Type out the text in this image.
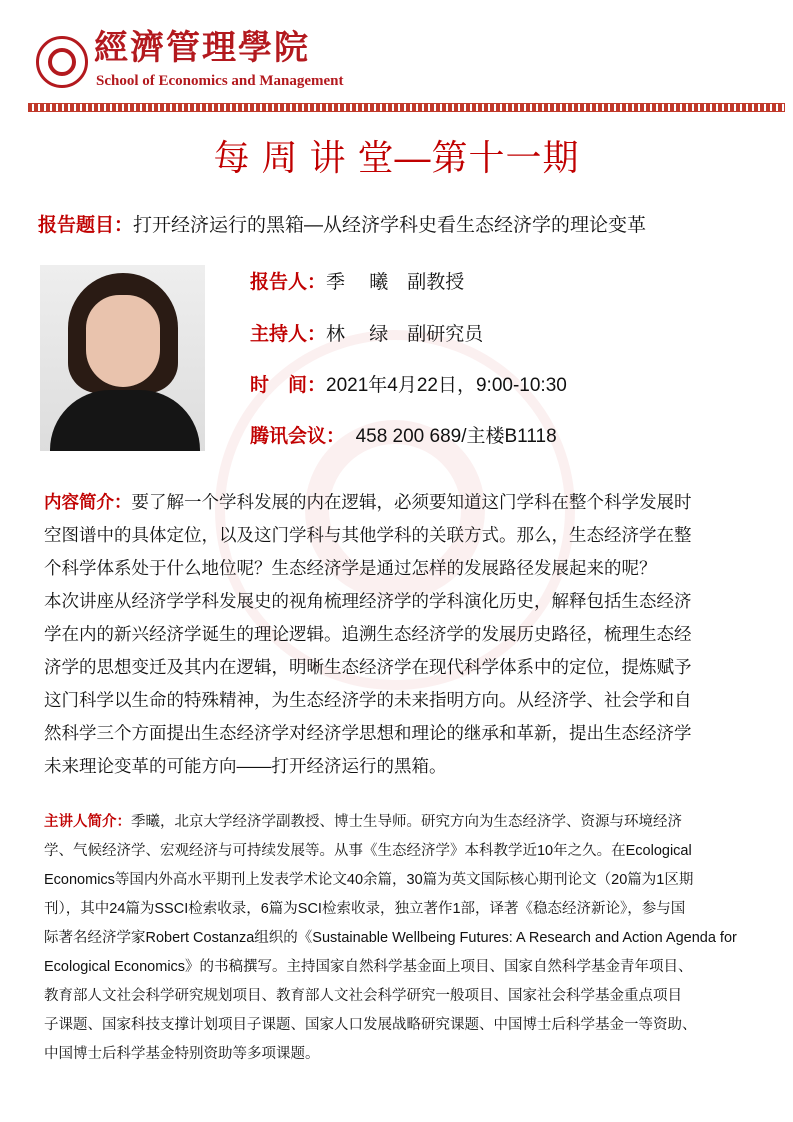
經濟管理學院
School of Economics and Management
每 周 讲 堂—第十一期
报告题目：打开经济运行的黑箱—从经济学科史看生态经济学的理论变革
报告人：季　 曦　副教授
主持人：林　 绿　副研究员
时　间：2021年4月22日，9:00-10:30
腾讯会议：  458 200 689/主楼B1118
内容简介：要了解一个学科发展的内在逻辑，必须要知道这门学科在整个科学发展时
空图谱中的具体定位，以及这门学科与其他学科的关联方式。那么，生态经济学在整
个科学体系处于什么地位呢？生态经济学是通过怎样的发展路径发展起来的呢？
本次讲座从经济学学科发展史的视角梳理经济学的学科演化历史，解释包括生态经济
学在内的新兴经济学诞生的理论逻辑。追溯生态经济学的发展历史路径，梳理生态经
济学的思想变迁及其内在逻辑，明晰生态经济学在现代科学体系中的定位，提炼赋予
这门科学以生命的特殊精神，为生态经济学的未来指明方向。从经济学、社会学和自
然科学三个方面提出生态经济学对经济学思想和理论的继承和革新，提出生态经济学
未来理论变革的可能方向——打开经济运行的黑箱。
主讲人简介：季曦，北京大学经济学副教授、博士生导师。研究方向为生态经济学、资源与环境经济
学、气候经济学、宏观经济与可持续发展等。从事《生态经济学》本科教学近10年之久。在Ecological
Economics等国内外高水平期刊上发表学术论文40余篇，30篇为英文国际核心期刊论文（20篇为1区期
刊），其中24篇为SSCI检索收录，6篇为SCI检索收录，独立著作1部，译著《稳态经济新论》，参与国
际著名经济学家Robert Costanza组织的《Sustainable Wellbeing Futures: A Research and Action Agenda for
Ecological Economics》的书稿撰写。主持国家自然科学基金面上项目、国家自然科学基金青年项目、
教育部人文社会科学研究规划项目、教育部人文社会科学研究一般项目、国家社会科学基金重点项目
子课题、国家科技支撑计划项目子课题、国家人口发展战略研究课题、中国博士后科学基金一等资助、
中国博士后科学基金特别资助等多项课题。
